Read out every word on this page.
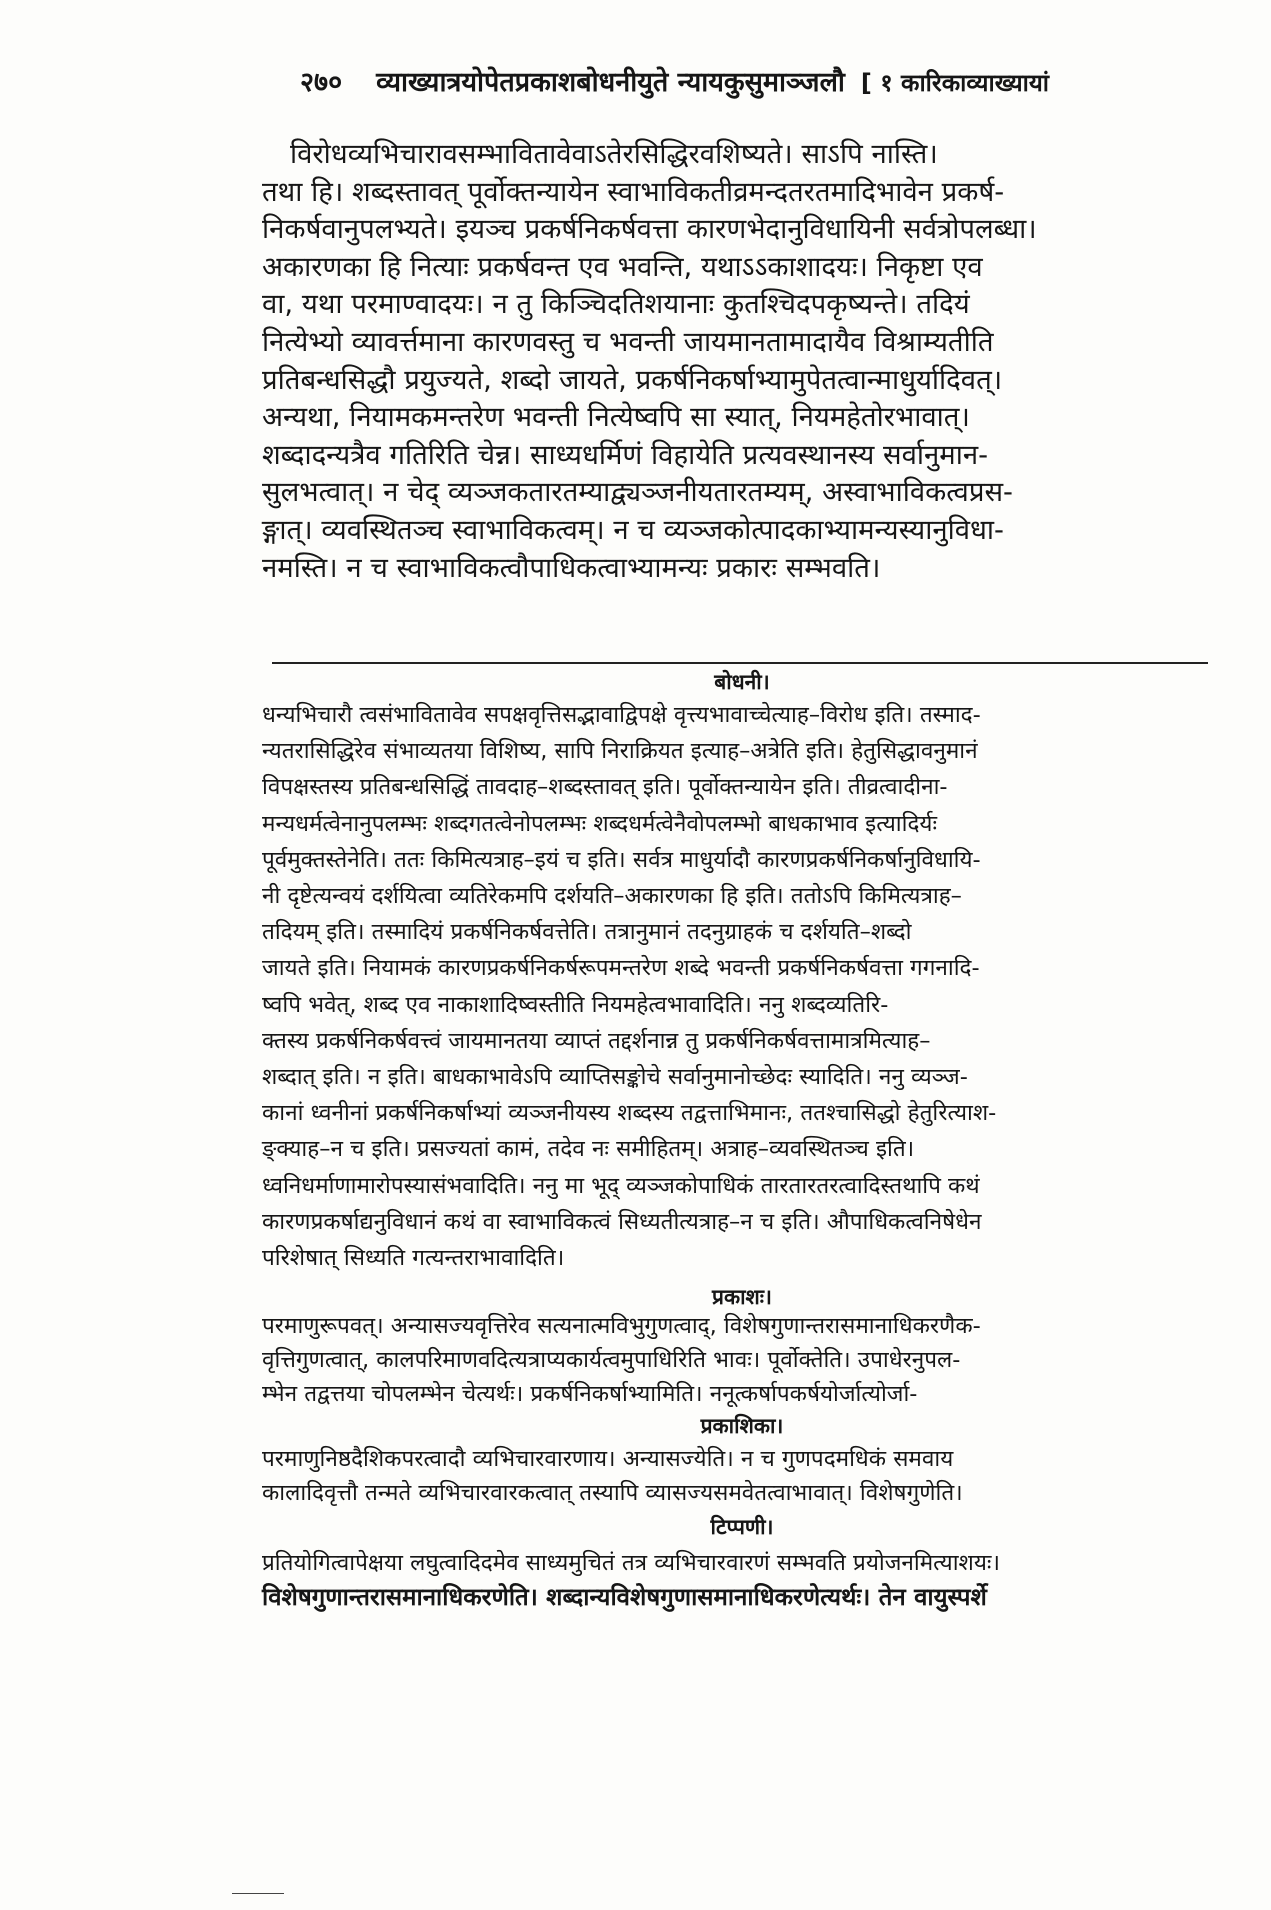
२७० व्याख्यात्रयोपेतप्रकाशबोधनीयुते न्यायकुसुमाञ्जलौ [ १ कारिकाव्याख्यायां
विरोधव्यभिचारावसम्भावितावेवाऽतेरसिद्धिरवशिष्यते। साऽपि नास्ति।
तथा हि। शब्दस्तावत् पूर्वोक्तन्यायेन स्वाभाविकतीव्रमन्दतरतमादिभावेन प्रकर्ष-
निकर्षवानुपलभ्यते। इयञ्च प्रकर्षनिकर्षवत्ता कारणभेदानुविधायिनी सर्वत्रोपलब्धा।
अकारणका हि नित्याः प्रकर्षवन्त एव भवन्ति, यथाऽऽकाशादयः। निकृष्टा एव
वा, यथा परमाण्वादयः। न तु किञ्चिदतिशयानाः कुतश्चिदपकृष्यन्ते। तदियं
नित्येभ्यो व्यावर्त्तमाना कारणवस्तु च भवन्ती जायमानतामादायैव विश्राम्यतीति
प्रतिबन्धसिद्धौ प्रयुज्यते, शब्दो जायते, प्रकर्षनिकर्षाभ्यामुपेतत्वान्माधुर्यादिवत्।
अन्यथा, नियामकमन्तरेण भवन्ती नित्येष्वपि सा स्यात्, नियमहेतोरभावात्।
शब्दादन्यत्रैव गतिरिति चेन्न। साध्यधर्मिणं विहायेति प्रत्यवस्थानस्य सर्वानुमान-
सुलभत्वात्। न चेद् व्यञ्जकतारतम्याद्व्यञ्जनीयतारतम्यम्, अस्वाभाविकत्वप्रस-
ङ्गात्। व्यवस्थितञ्च स्वाभाविकत्वम्। न च व्यञ्जकोत्पादकाभ्यामन्यस्यानुविधा-
नमस्ति। न च स्वाभाविकत्वौपाधिकत्वाभ्यामन्यः प्रकारः सम्भवति।
बोधनी।
धन्यभिचारौ त्वसंभावितावेव सपक्षवृत्तिसद्भावाद्विपक्षे वृत्त्यभावाच्चेत्याह–विरोध इति। तस्माद-
न्यतरासिद्धिरेव संभाव्यतया विशिष्य, सापि निराक्रियत इत्याह–अत्रेति इति। हेतुसिद्धावनुमानं
विपक्षस्तस्य प्रतिबन्धसिद्धिं तावदाह–शब्दस्तावत् इति। पूर्वोक्तन्यायेन इति। तीव्रत्वादीना-
मन्यधर्मत्वेनानुपलम्भः शब्दगतत्वेनोपलम्भः शब्दधर्मत्वेनैवोपलम्भो बाधकाभाव इत्यादिर्यः
पूर्वमुक्तस्तेनेति। ततः किमित्यत्राह–इयं च इति। सर्वत्र माधुर्यादौ कारणप्रकर्षनिकर्षानुविधायि-
नी दृष्टेत्यन्वयं दर्शयित्वा व्यतिरेकमपि दर्शयति–अकारणका हि इति। ततोऽपि किमित्यत्राह–
तदियम् इति। तस्मादियं प्रकर्षनिकर्षवत्तेति। तत्रानुमानं तदनुग्राहकं च दर्शयति–शब्दो
जायते इति। नियामकं कारणप्रकर्षनिकर्षरूपमन्तरेण शब्दे भवन्ती प्रकर्षनिकर्षवत्ता गगनादि-
ष्वपि भवेत्, शब्द एव नाकाशादिष्वस्तीति नियमहेत्वभावादिति। ननु शब्दव्यतिरि-
क्तस्य प्रकर्षनिकर्षवत्त्वं जायमानतया व्याप्तं तद्दर्शनान्न तु प्रकर्षनिकर्षवत्तामात्रमित्याह–
शब्दात् इति। न इति। बाधकाभावेऽपि व्याप्तिसङ्कोचे सर्वानुमानोच्छेदः स्यादिति। ननु व्यञ्ज-
कानां ध्वनीनां प्रकर्षनिकर्षाभ्यां व्यञ्जनीयस्य शब्दस्य तद्वत्ताभिमानः, ततश्चासिद्धो हेतुरित्याश-
ङ्क्याह–न च इति। प्रसज्यतां कामं, तदेव नः समीहितम्। अत्राह–व्यवस्थितञ्च इति।
ध्वनिधर्माणामारोपस्यासंभवादिति। ननु मा भूद् व्यञ्जकोपाधिकं तारतारतरत्वादिस्तथापि कथं
कारणप्रकर्षाद्यनुविधानं कथं वा स्वाभाविकत्वं सिध्यतीत्यत्राह–न च इति। औपाधिकत्वनिषेधेन
परिशेषात् सिध्यति गत्यन्तराभावादिति।
प्रकाशः।
परमाणुरूपवत्। अन्यासज्यवृत्तिरेव सत्यनात्मविभुगुणत्वाद्, विशेषगुणान्तरासमानाधिकरणैक-
वृत्तिगुणत्वात्, कालपरिमाणवदित्यत्राप्यकार्यत्वमुपाधिरिति भावः। पूर्वोक्तेति। उपाधेरनुपल-
म्भेन तद्वत्तया चोपलम्भेन चेत्यर्थः। प्रकर्षनिकर्षाभ्यामिति। ननूत्कर्षापकर्षयोर्जात्योर्जा-
प्रकाशिका।
परमाणुनिष्ठदैशिकपरत्वादौ व्यभिचारवारणाय। अन्यासज्येति। न च गुणपदमधिकं समवाय
कालादिवृत्तौ तन्मते व्यभिचारवारकत्वात् तस्यापि व्यासज्यसमवेतत्वाभावात्। विशेषगुणेति।
टिप्पणी।
प्रतियोगित्वापेक्षया लघुत्वादिदमेव साध्यमुचितं तत्र व्यभिचारवारणं सम्भवति प्रयोजनमित्याशयः।
विशेषगुणान्तरासमानाधिकरणेति। शब्दान्यविशेषगुणासमानाधिकरणेत्यर्थः। तेन वायुस्पर्शे
